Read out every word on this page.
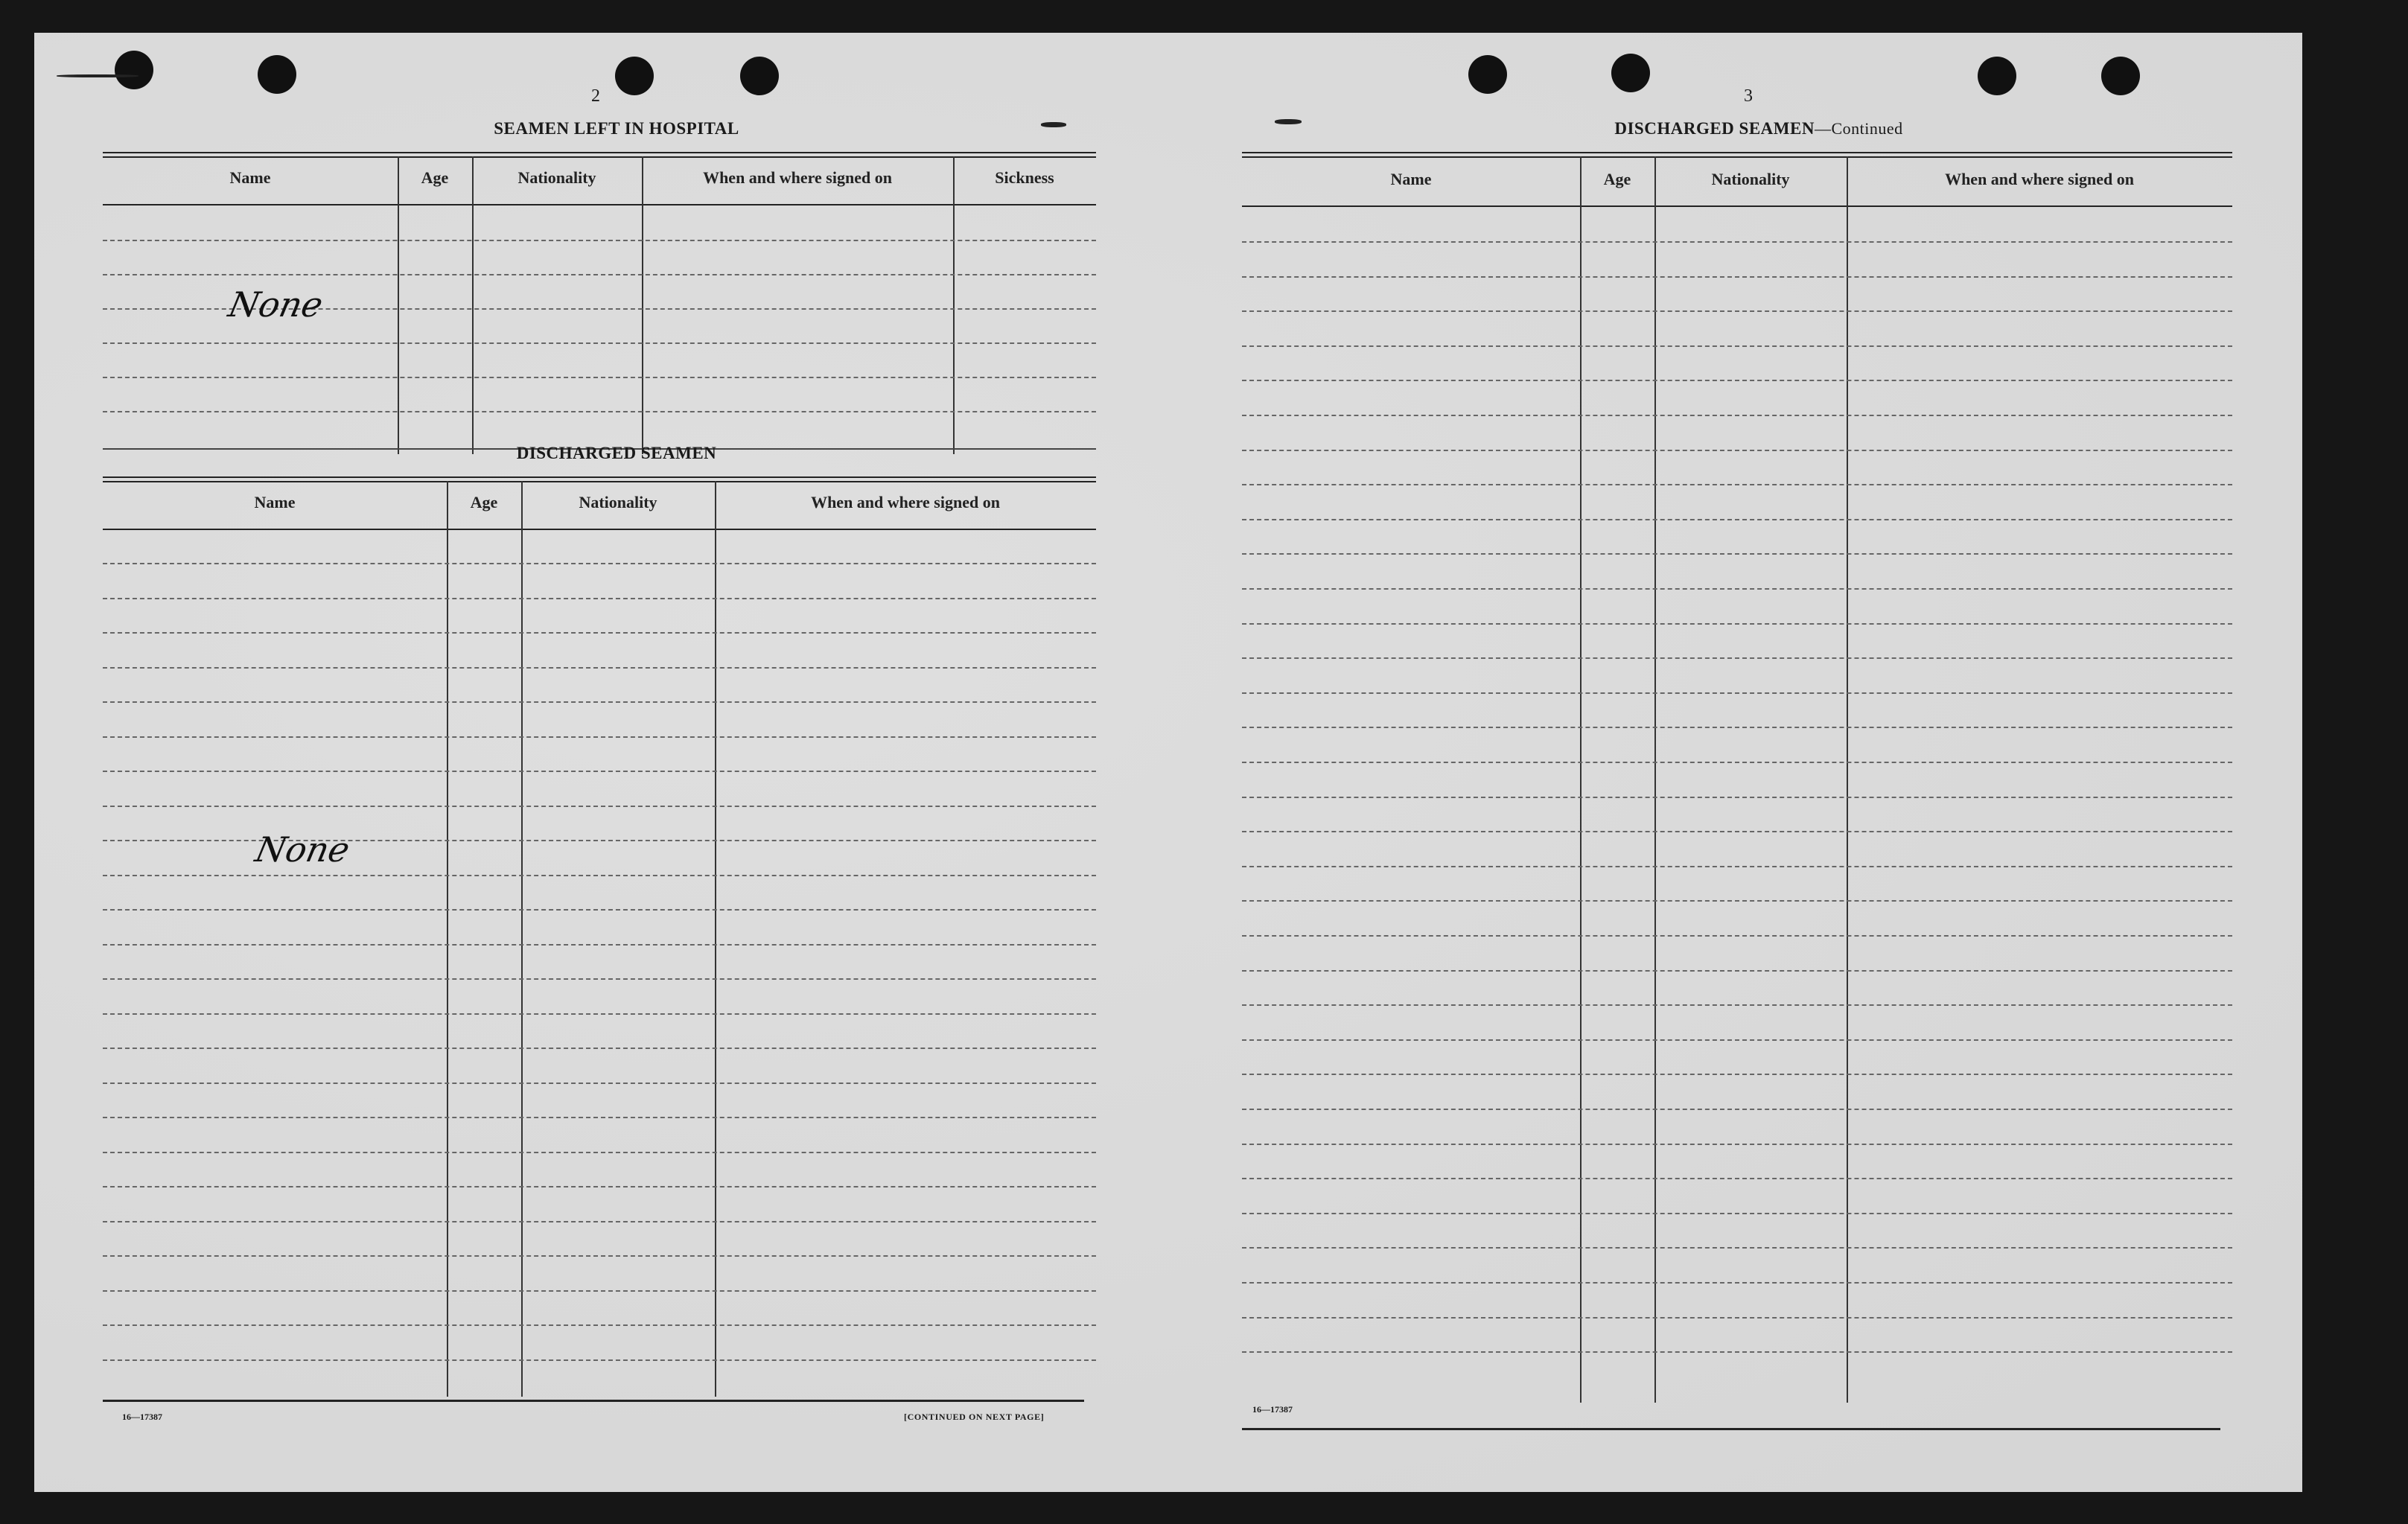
2
SEAMEN LEFT IN HOSPITAL
Name	Age	Nationality	When and where signed on	Sickness
None
DISCHARGED SEAMEN
Name	Age	Nationality	When and where signed on
None
16—17387	[CONTINUED ON NEXT PAGE]
3
DISCHARGED SEAMEN—Continued
Name	Age	Nationality	When and where signed on
16—17387
